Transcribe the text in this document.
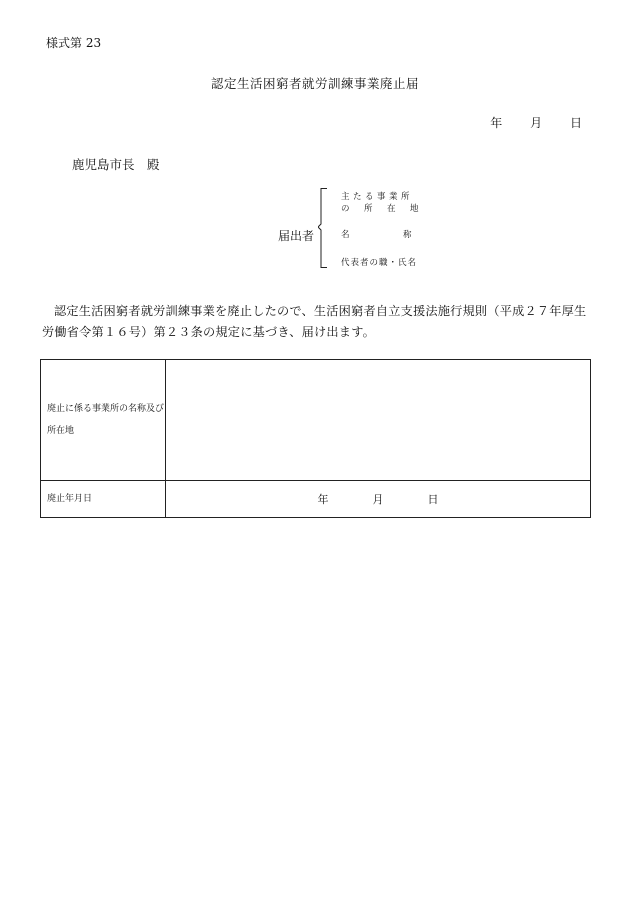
様式第 23
認定生活困窮者就労訓練事業廃止届
年 月 日
鹿児島市長　殿
届出者
主たる事業所
の 所 在 地
名	称
代表者の職・氏名
認定生活困窮者就労訓練事業を廃止したので、生活困窮者自立支援法施行規則（平成２７年厚生労働省令第１６号）第２３条の規定に基づき、届け出ます。
廃止に係る事業所の名称及び所在地	
廃止年月日	年 月 日
